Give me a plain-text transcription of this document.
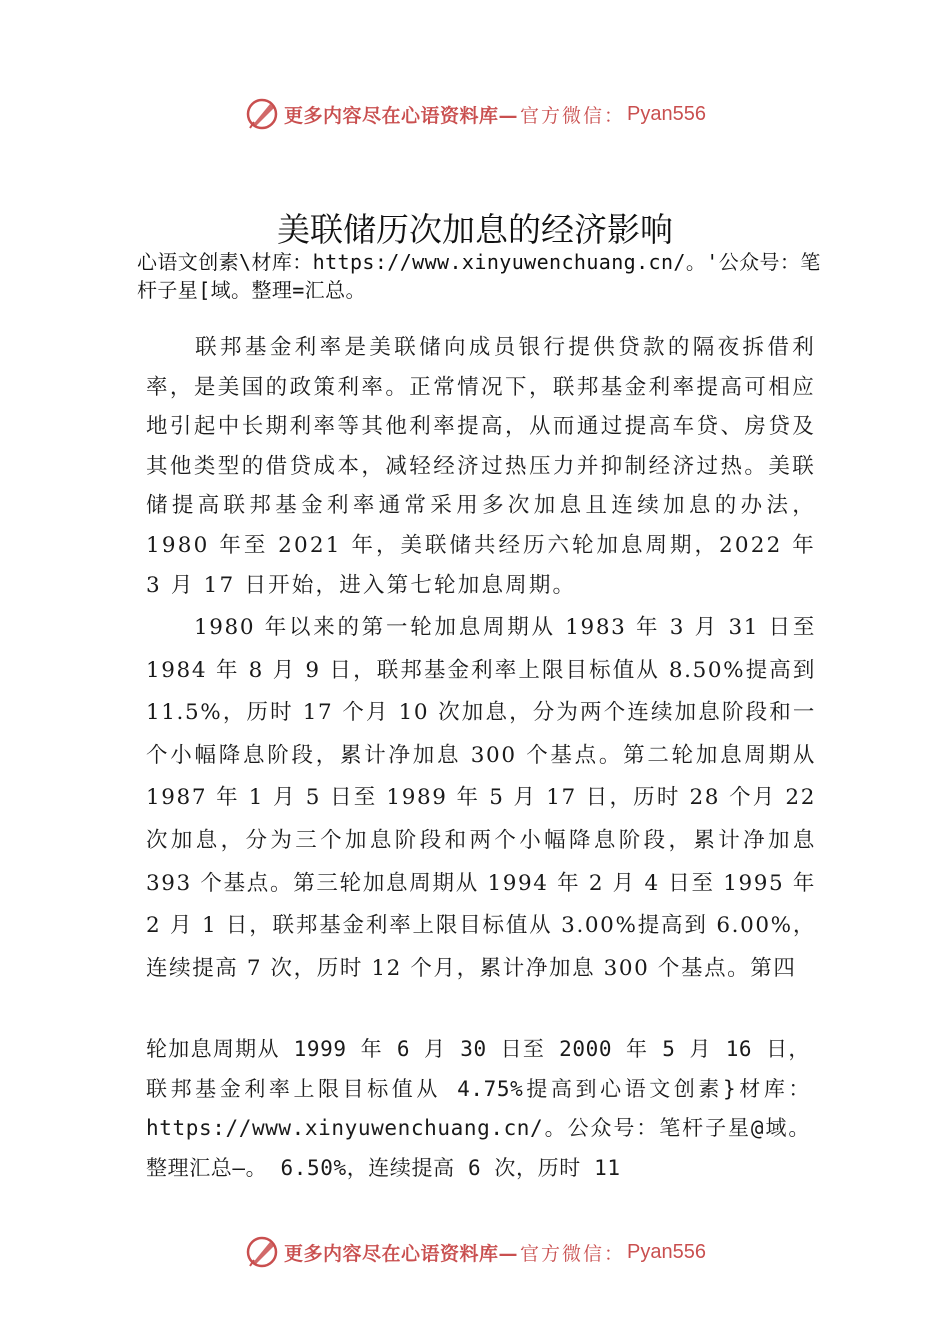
更多内容尽在心语资料库— 官方微信： Pyan556
美联储历次加息的经济影响
心语文创素\材库：https://www.xinyuwenchuang.cn/。'公众号：笔杆子星[域。整理=汇总。
联邦基金利率是美联储向成员银行提供贷款的隔夜拆借利率，是美国的政策利率。正常情况下，联邦基金利率提高可相应地引起中长期利率等其他利率提高，从而通过提高车贷、房贷及其他类型的借贷成本，减轻经济过热压力并抑制经济过热。美联储提高联邦基金利率通常采用多次加息且连续加息的办法，1980 年至 2021 年，美联储共经历六轮加息周期，2022 年 3 月 17 日开始，进入第七轮加息周期。
1980 年以来的第一轮加息周期从 1983 年 3 月 31 日至 1984 年 8 月 9 日，联邦基金利率上限目标值从 8.50%提高到 11.5%，历时 17 个月 10 次加息，分为两个连续加息阶段和一个小幅降息阶段，累计净加息 300 个基点。第二轮加息周期从 1987 年 1 月 5 日至 1989 年 5 月 17 日，历时 28 个月 22 次加息，分为三个加息阶段和两个小幅降息阶段，累计净加息 393 个基点。第三轮加息周期从 1994 年 2 月 4 日至 1995 年 2 月 1 日，联邦基金利率上限目标值从 3.00%提高到 6.00%， 连续提高 7 次，历时 12 个月，累计净加息 300 个基点。第四
轮加息周期从 1999 年 6 月 30 日至 2000 年 5 月 16 日，联邦基金利率上限目标值从 4.75%提高到心语文创素}材库：https://www.xinyuwenchuang.cn/。公众号：笔杆子星@域。整理汇总—。 6.50%，连续提高 6 次，历时 11
更多内容尽在心语资料库— 官方微信： Pyan556
